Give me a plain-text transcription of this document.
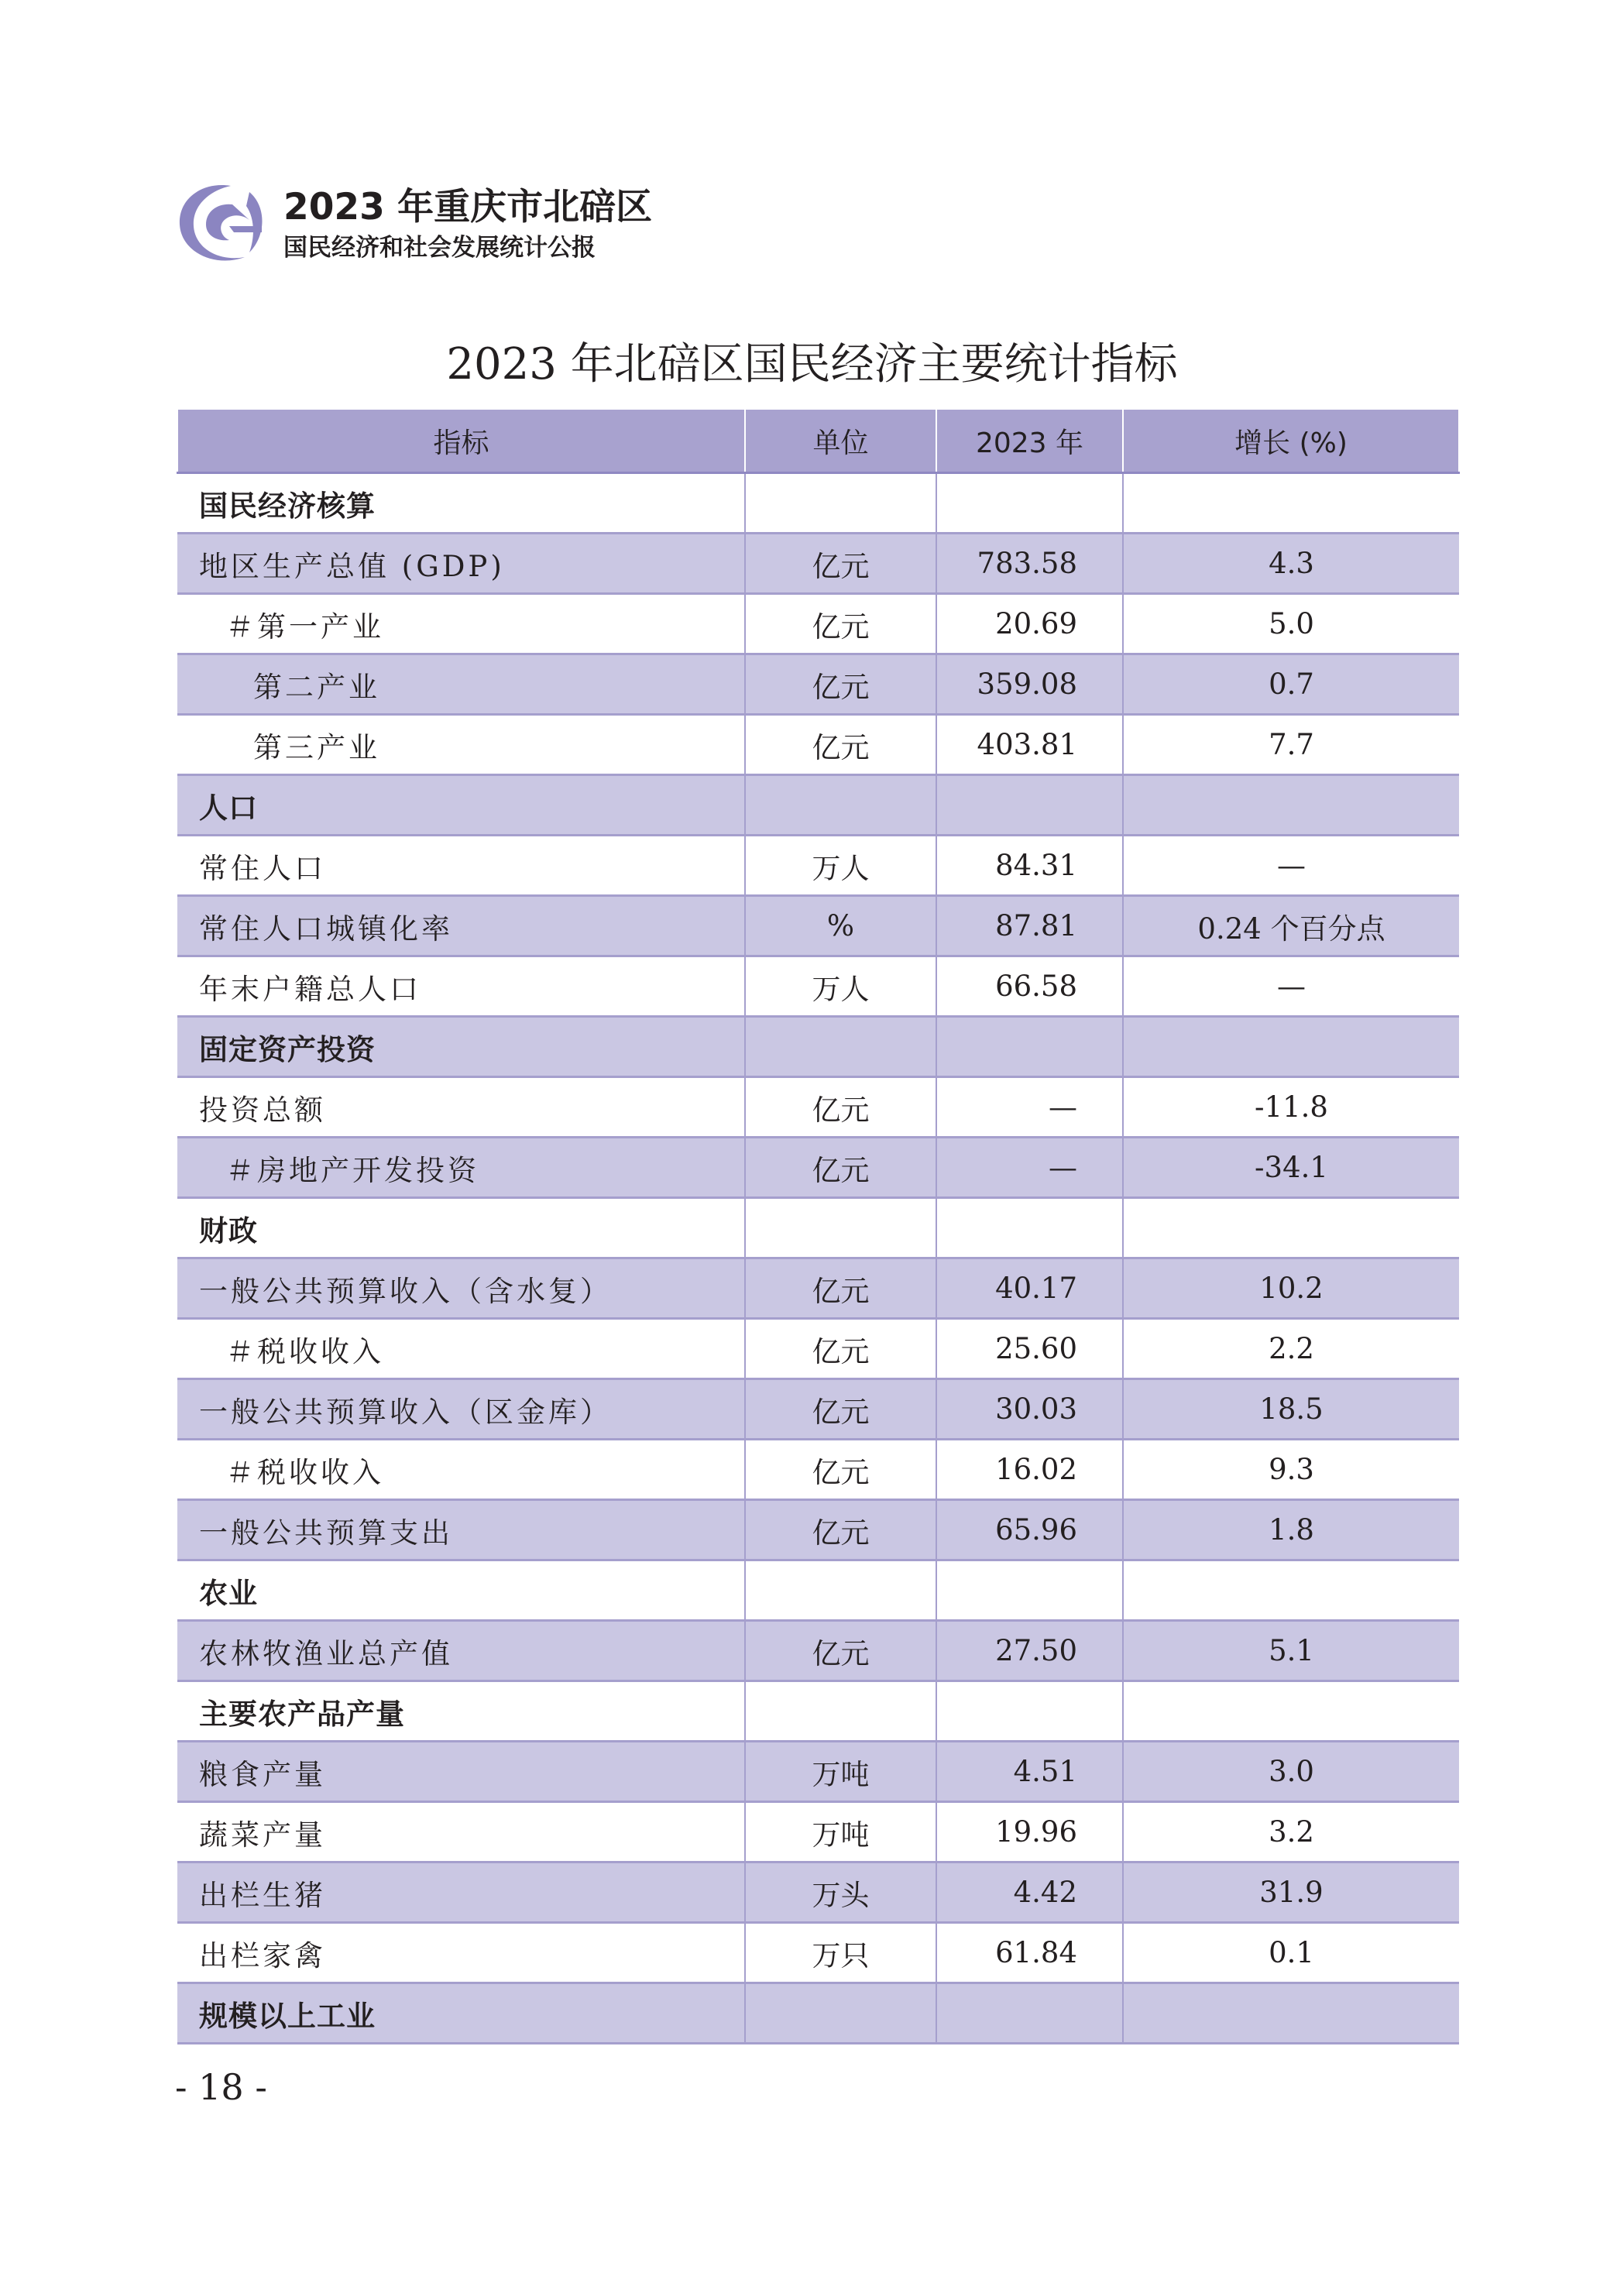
2023 年重庆市北碚区
国民经济和社会发展统计公报
2023 年北碚区国民经济主要统计指标
指标	单位	2023 年	增长 (%)
国民经济核算			
地区生产总值 (GDP)	亿元	783.58	4.3
＃第一产业	亿元	20.69	5.0
第二产业	亿元	359.08	0.7
第三产业	亿元	403.81	7.7
人口			
常住人口	万人	84.31	—
常住人口城镇化率	%	87.81	0.24 个百分点
年末户籍总人口	万人	66.58	—
固定资产投资			
投资总额	亿元	—	-11.8
＃房地产开发投资	亿元	—	-34.1
财政			
一般公共预算收入（含水复）	亿元	40.17	10.2
＃税收收入	亿元	25.60	2.2
一般公共预算收入（区金库）	亿元	30.03	18.5
＃税收收入	亿元	16.02	9.3
一般公共预算支出	亿元	65.96	1.8
农业			
农林牧渔业总产值	亿元	27.50	5.1
主要农产品产量			
粮食产量	万吨	4.51	3.0
蔬菜产量	万吨	19.96	3.2
出栏生猪	万头	4.42	31.9
出栏家禽	万只	61.84	0.1
规模以上工业			
- 18 -
